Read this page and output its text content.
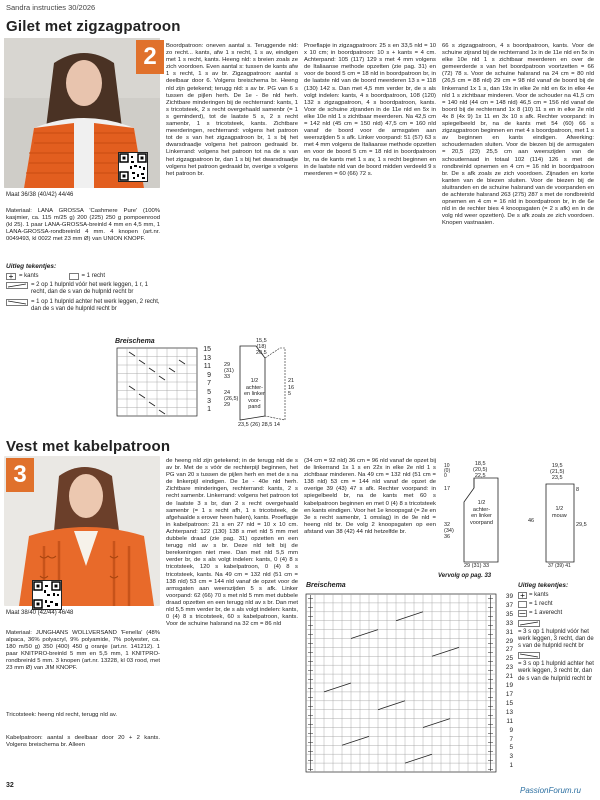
Sandra instructies 30/2026
Gilet met zigzagpatroon
2
Maat 36/38 (40/42) 44/46
Materiaal: LANA GROSSA 'Cashmere Pure' (100% kasjmier, ca. 115 m/25 g) 200 (225) 250 g pompoenrood (kl 25). 1 paar LANA-GROSSA-breinld 4 mm en 4,5 mm, 1 LANA-GROSSA-rondbreinld 4 mm. 4 knopen (art.nr. 0049493, kl 0022 met 23 mm Ø) van UNION KNOPF.
Uitleg tekentjes:
= kants	= 1 recht
= 2 op 1 hulpnld vóór het werk leggen, 1 r, 1 recht, dan de s van de hulpnld recht br
= 1 op 1 hulpnld achter het werk leggen, 2 recht, dan de s van de hulpnld recht br
Breischema
15
13
11
9
7
5
3
1
15,5
(18)
20,5
29
(31)
33
1/2
achter-
en linker
voor-
pand
24
(26,5)
29
21
16
5
23,5 (26) 28,5 14
Boordpatroon: oneven aantal s. Teruggende nld: zo recht... kants, afw 1 s recht, 1 s av, eindigen met 1 s recht, kants. Heeng nld: s breien zoals ze zich voordoen. Even aantal s: tussen de kants afw 1 s recht, 1 s av br. Zigzagpatroon: aantal s deelbaar door 6. Volgens breischema br. Heeng nld zijn getekend; terugg nld: s av br. PG van 6 s tussen de pijlen herh. De 1e - 8e nld herh. Zichtbare minderingen bij de rechterrand: kants, 1 s tricotsteek, 2 s recht overgehaald samenbr (= 1 s geminderd), tot de laatste 5 s, 2 s recht samenbr, 1 s tricotsteek, kants. Zichtbare meerderingen, rechterrand: volgens het patroon tot de s van het zigzagpatroon br, 1 s bij het dwarsdraadje volgens het patroon gedraaid br. Linkerrand: volgens het patroon tot na de s van het zigzagpatroon br, dan 1 s bij het dwarsdraadje volgens het patroon gedraaid br, overige s volgens het patroon br.
Proeflapje in zigzagpatroon: 25 s en 33,5 nld = 10 x 10 cm; in boordpatroon: 10 s + kants = 4 cm. Achterpand: 105 (117) 129 s met 4 mm volgens de Italiaanse methode opzetten (zie pag. 31) en voor de boord 5 cm = 18 nld in boordpatroon br, in de laatste nld van de boord meerderen 13 s = 118 (130) 142 s. Dan met 4,5 mm verder br, de s als volgt indelen: kants, 4 s boordpatroon, 108 (120) 132 s zigzagpatroon, 4 s boordpatroon, kants. Voor de schuine zijranden in de 11e nld en 5x in elke 10e nld 1 s zichtbaar meerderen. Na 42,5 cm = 142 nld (45 cm = 150 nld) 47,5 cm = 160 nld vanaf de boord voor de armsgaten aan weerszijden 5 s afk. Linker voorpand: 51 (57) 63 s met 4 mm volgens de Italiaanse methode opzetten en voor de boord 5 cm = 18 nld in boordpatroon br, na de kants met 1 s av, 1 s recht beginnen en in de laatste nld van de boord midden verdeeld 9 s meerderen = 60 (66) 72 s.
66 s zigzagpatroon, 4 s boordpatroon, kants. Voor de schuine zijrand bij de rechterrand 1x in de 11e nld en 5x in elke 10e nld 1 s zichtbaar meerderen en over de gemeerderde s van het boordpatroon voortzetten = 66 (72) 78 s. Voor de schuine halsrand na 24 cm = 80 nld (26,5 cm = 88 nld) 29 cm = 98 nld vanaf de boord bij de linkerrand 1x 1 s, dan 19x in elke 2e nld en 6x in elke 4e nld 1 s zichtbaar minderen. Voor de schouder na 41,5 cm = 140 nld (44 cm = 148 nld) 46,5 cm = 156 nld vanaf de boord bij de rechterrand 1x 8 (10) 11 s en in elke 2e nld 4x 8 (4x 9) 1x 11 en 3x 10 s afk. Rechter voorpand: in spiegelbeeld br, na de kants met 54 (60) 66 s zigzagpatroon beginnen en met 4 s boordpatroon, met 1 s av beginnen en kants eindigen. Afwerking: schoudernaden sluiten. Voor de biezen bij de armsgaten = 20,5 (23) 25,5 cm aan weerszijden van de schoudernaad in totaal 102 (114) 126 s met de rondbreinld opnemen en 4 cm = 16 nld in boordpatroon br. De s afk zoals ze zich voordoen. Zijnaden en korte kanten van de biezen sluiten. Voor de biezen bij de sluitranden en de schuine halsrand van de voorpanden en de achterste halsrand 263 (275) 287 s met de rondbreinld opnemen en 4 cm = 16 nld in boordpatroon br, in de 6e nld in de rechter bies 4 knoopsgaten (= 2 s afk) en in de volg nld weer opzetten). De s afk zoals ze zich voordoen. Knopen vastnaaien.
Vest met kabelpatroon
3
Maat 38/40 (42/44) 46/48
Materiaal: JUNGHANS WOLLVERSAND 'Fenella' (48% alpaca, 36% polyacryl, 9% polyamide, 7% polyester, ca. 180 m/50 g) 350 (400) 450 g oranje (art.nr. 141212). 1 paar KNITPRO-breinld 5 mm en 5,5 mm, 1 KNITPRO-rondbreinld 5 mm. 3 knopen (art.nr. 13228, kl 03 rood, met 23 mm Ø) van JIM KNOPF.
Tricotsteek: heeng nld recht, terugg nld av.
Kabelpatroon: aantal s deelbaar door 20 + 2 kants. Volgens breischema br. Alleen
de heeng nld zijn getekend; in de terugg nld de s av br. Met de s vóór de rechterpijl beginnen, het PG van 20 s tussen de pijlen herh en met de s na de linkerpijl eindigen. De 1e - 40e nld herh. Zichtbare minderingen, rechterrand: kants, 2 s recht samenbr. Linkerrand: volgens het patroon tot de laatste 3 s br, dan 2 s recht overgehaald samenbr (= 1 s recht afh, 1 s tricotsteek, de afgehaalde s erover heen halen), kants. Proeflapje in kabelpatroon: 21 s en 27 nld = 10 x 10 cm. Achterpand: 122 (130) 138 s met nld 5 mm met dubbele draad (zie pag. 31) opzetten en een terugg nld av s br. Deze nld telt bij de berekeningen niet mee. Dan met nld 5,5 mm verder br, de s als volgt indelen: kants, 0 (4) 8 s tricotsteek, 120 s kabelpatroon, 0 (4) 8 s tricotsteek, kants. Na 49 cm = 132 nld (51 cm = 138 nld) 53 cm = 144 nld vanaf de opzet voor de armsgaten aan weerszijden 5 s afk. Linker voorpand: 62 (66) 70 s met nld 5 mm met dubbele draad opzetten en een terugg nld av s br. Dan met nld 5,5 mm verder br, de s als volgt indelen: kants, 0 (4) 8 s tricotsteek, 60 s kabelpatroon, kants. Voor de schuine halsrand na 32 cm = 86 nld
(34 cm = 92 nld) 36 cm = 96 nld vanaf de opzet bij de linkerrand 1x 1 s en 22x in elke 2e nld 1 s zichtbaar minderen. Na 49 cm = 132 nld (51 cm = 138 nld) 53 cm = 144 nld vanaf de opzet de overige 39 (43) 47 s afk. Rechter voorpand: in spiegelbeeld br, na de kants met 60 s kabelpatroon beginnen en met 0 (4) 8 s tricotsteek en kants eindigen. Voor het 1e knoopsgat (= 2e en 3e s recht samenbr, 1 omslag) in de 9e nld = heeng nld br. De volg 2 knoopsgaten op een afstand van 38 (42) 44 nld hetzelfde br.
18,5
(20,5)
22,5
17
1/2
achter-
en linker
voorpand
32
(34)
36
29 (31) 33
10
(0)
0
19,5
(21,5)
23,5
8
1/2
mouw
46
29,5
37 (39) 41
Vervolg op pag. 33
Breischema
39
37
35
33
31
29
27
25
23
21
19
17
15
13
11
9
7
5
3
1
Uitleg tekentjes:
= kants
= 1 recht
= 1 averecht
= 3 s op 1 hulpnld vóór het werk leggen, 3 recht, dan de s van de hulpnld recht br
= 3 s op 1 hulpnld achter het werk leggen, 3 recht br, dan de s van de hulpnld recht br
32
PassionForum.ru
